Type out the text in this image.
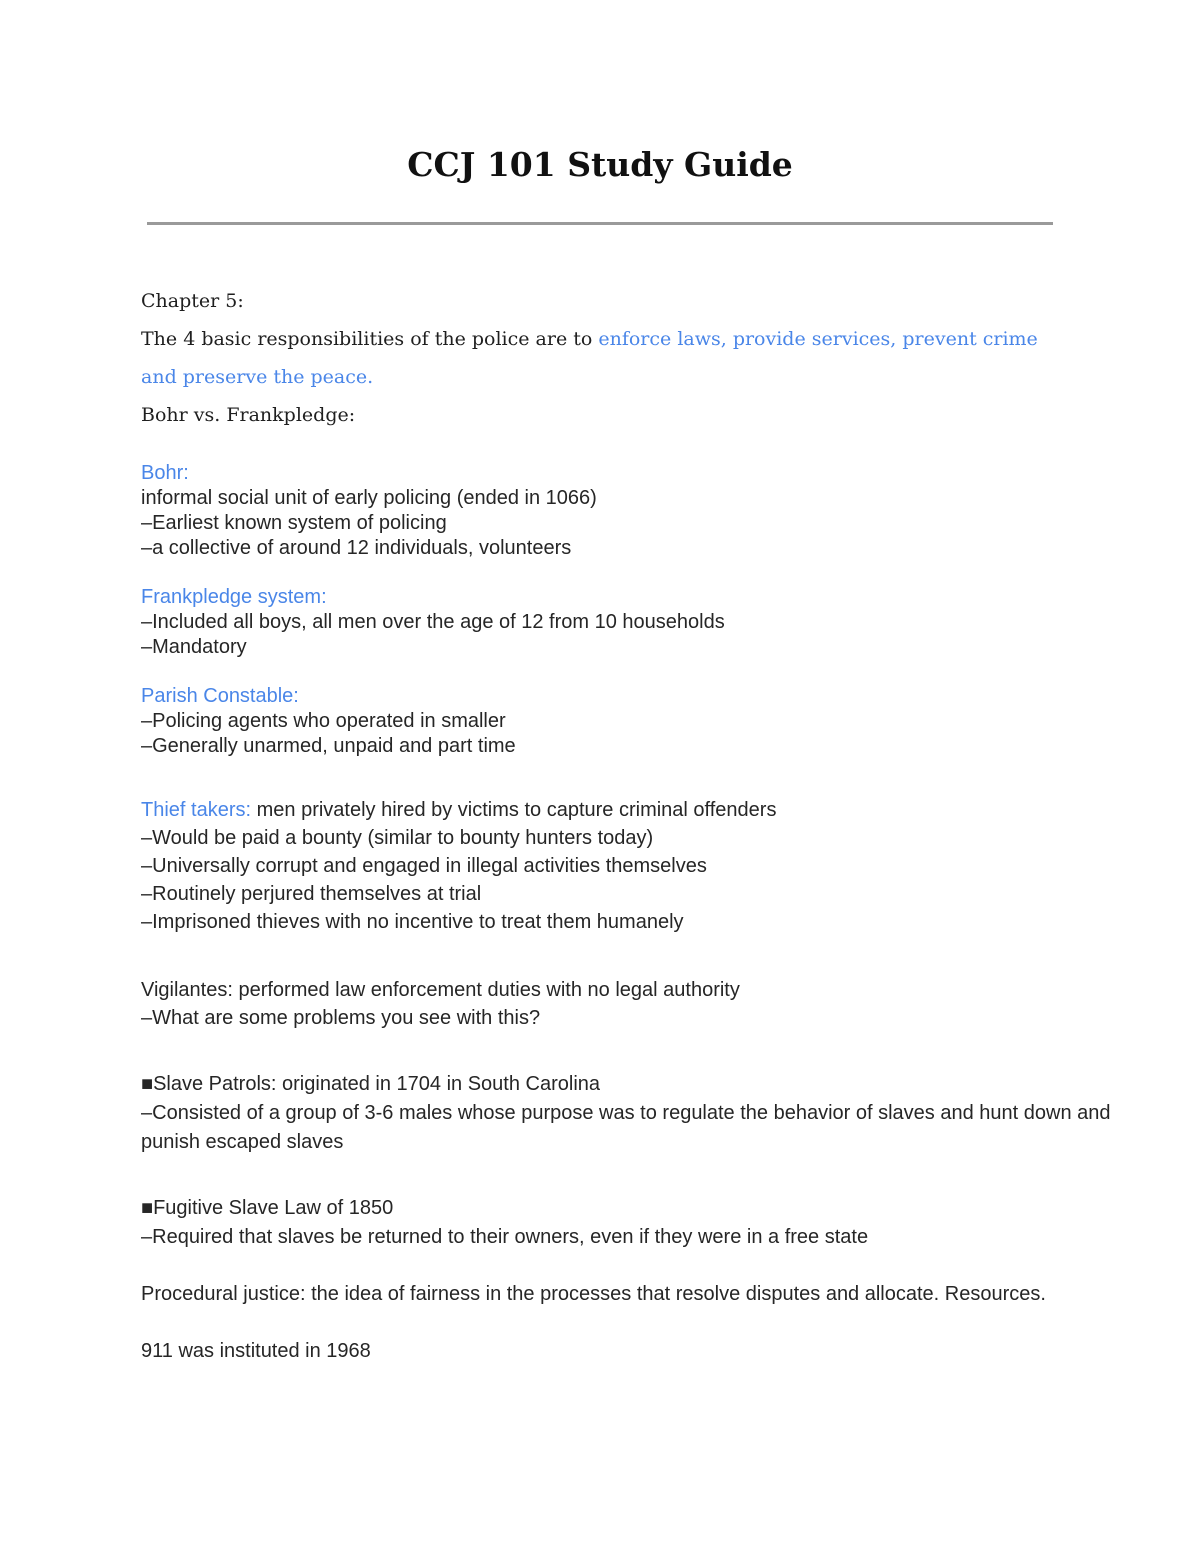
CCJ 101 Study Guide

Chapter 5:

The 4 basic responsibilities of the police are to enforce laws, provide services, prevent crime and preserve the peace.

Bohr vs. Frankpledge:

Bohr:
informal social unit of early policing (ended in 1066)
–Earliest known system of policing
–a collective of around 12 individuals, volunteers
Frankpledge system:
–Included all boys, all men over the age of 12 from 10 households
–Mandatory
Parish Constable:
–Policing agents who operated in smaller
–Generally unarmed, unpaid and part time
Thief takers: men privately hired by victims to capture criminal offenders
–Would be paid a bounty (similar to bounty hunters today)
–Universally corrupt and engaged in illegal activities themselves
–Routinely perjured themselves at trial
–Imprisoned thieves with no incentive to treat them humanely
Vigilantes: performed law enforcement duties with no legal authority
–What are some problems you see with this?
■Slave Patrols: originated in 1704 in South Carolina
–Consisted of a group of 3-6 males whose purpose was to regulate the behavior of slaves and hunt down and punish escaped slaves
■Fugitive Slave Law of 1850
–Required that slaves be returned to their owners, even if they were in a free state

Procedural justice: the idea of fairness in the processes that resolve disputes and allocate. Resources.

911 was instituted in 1968
